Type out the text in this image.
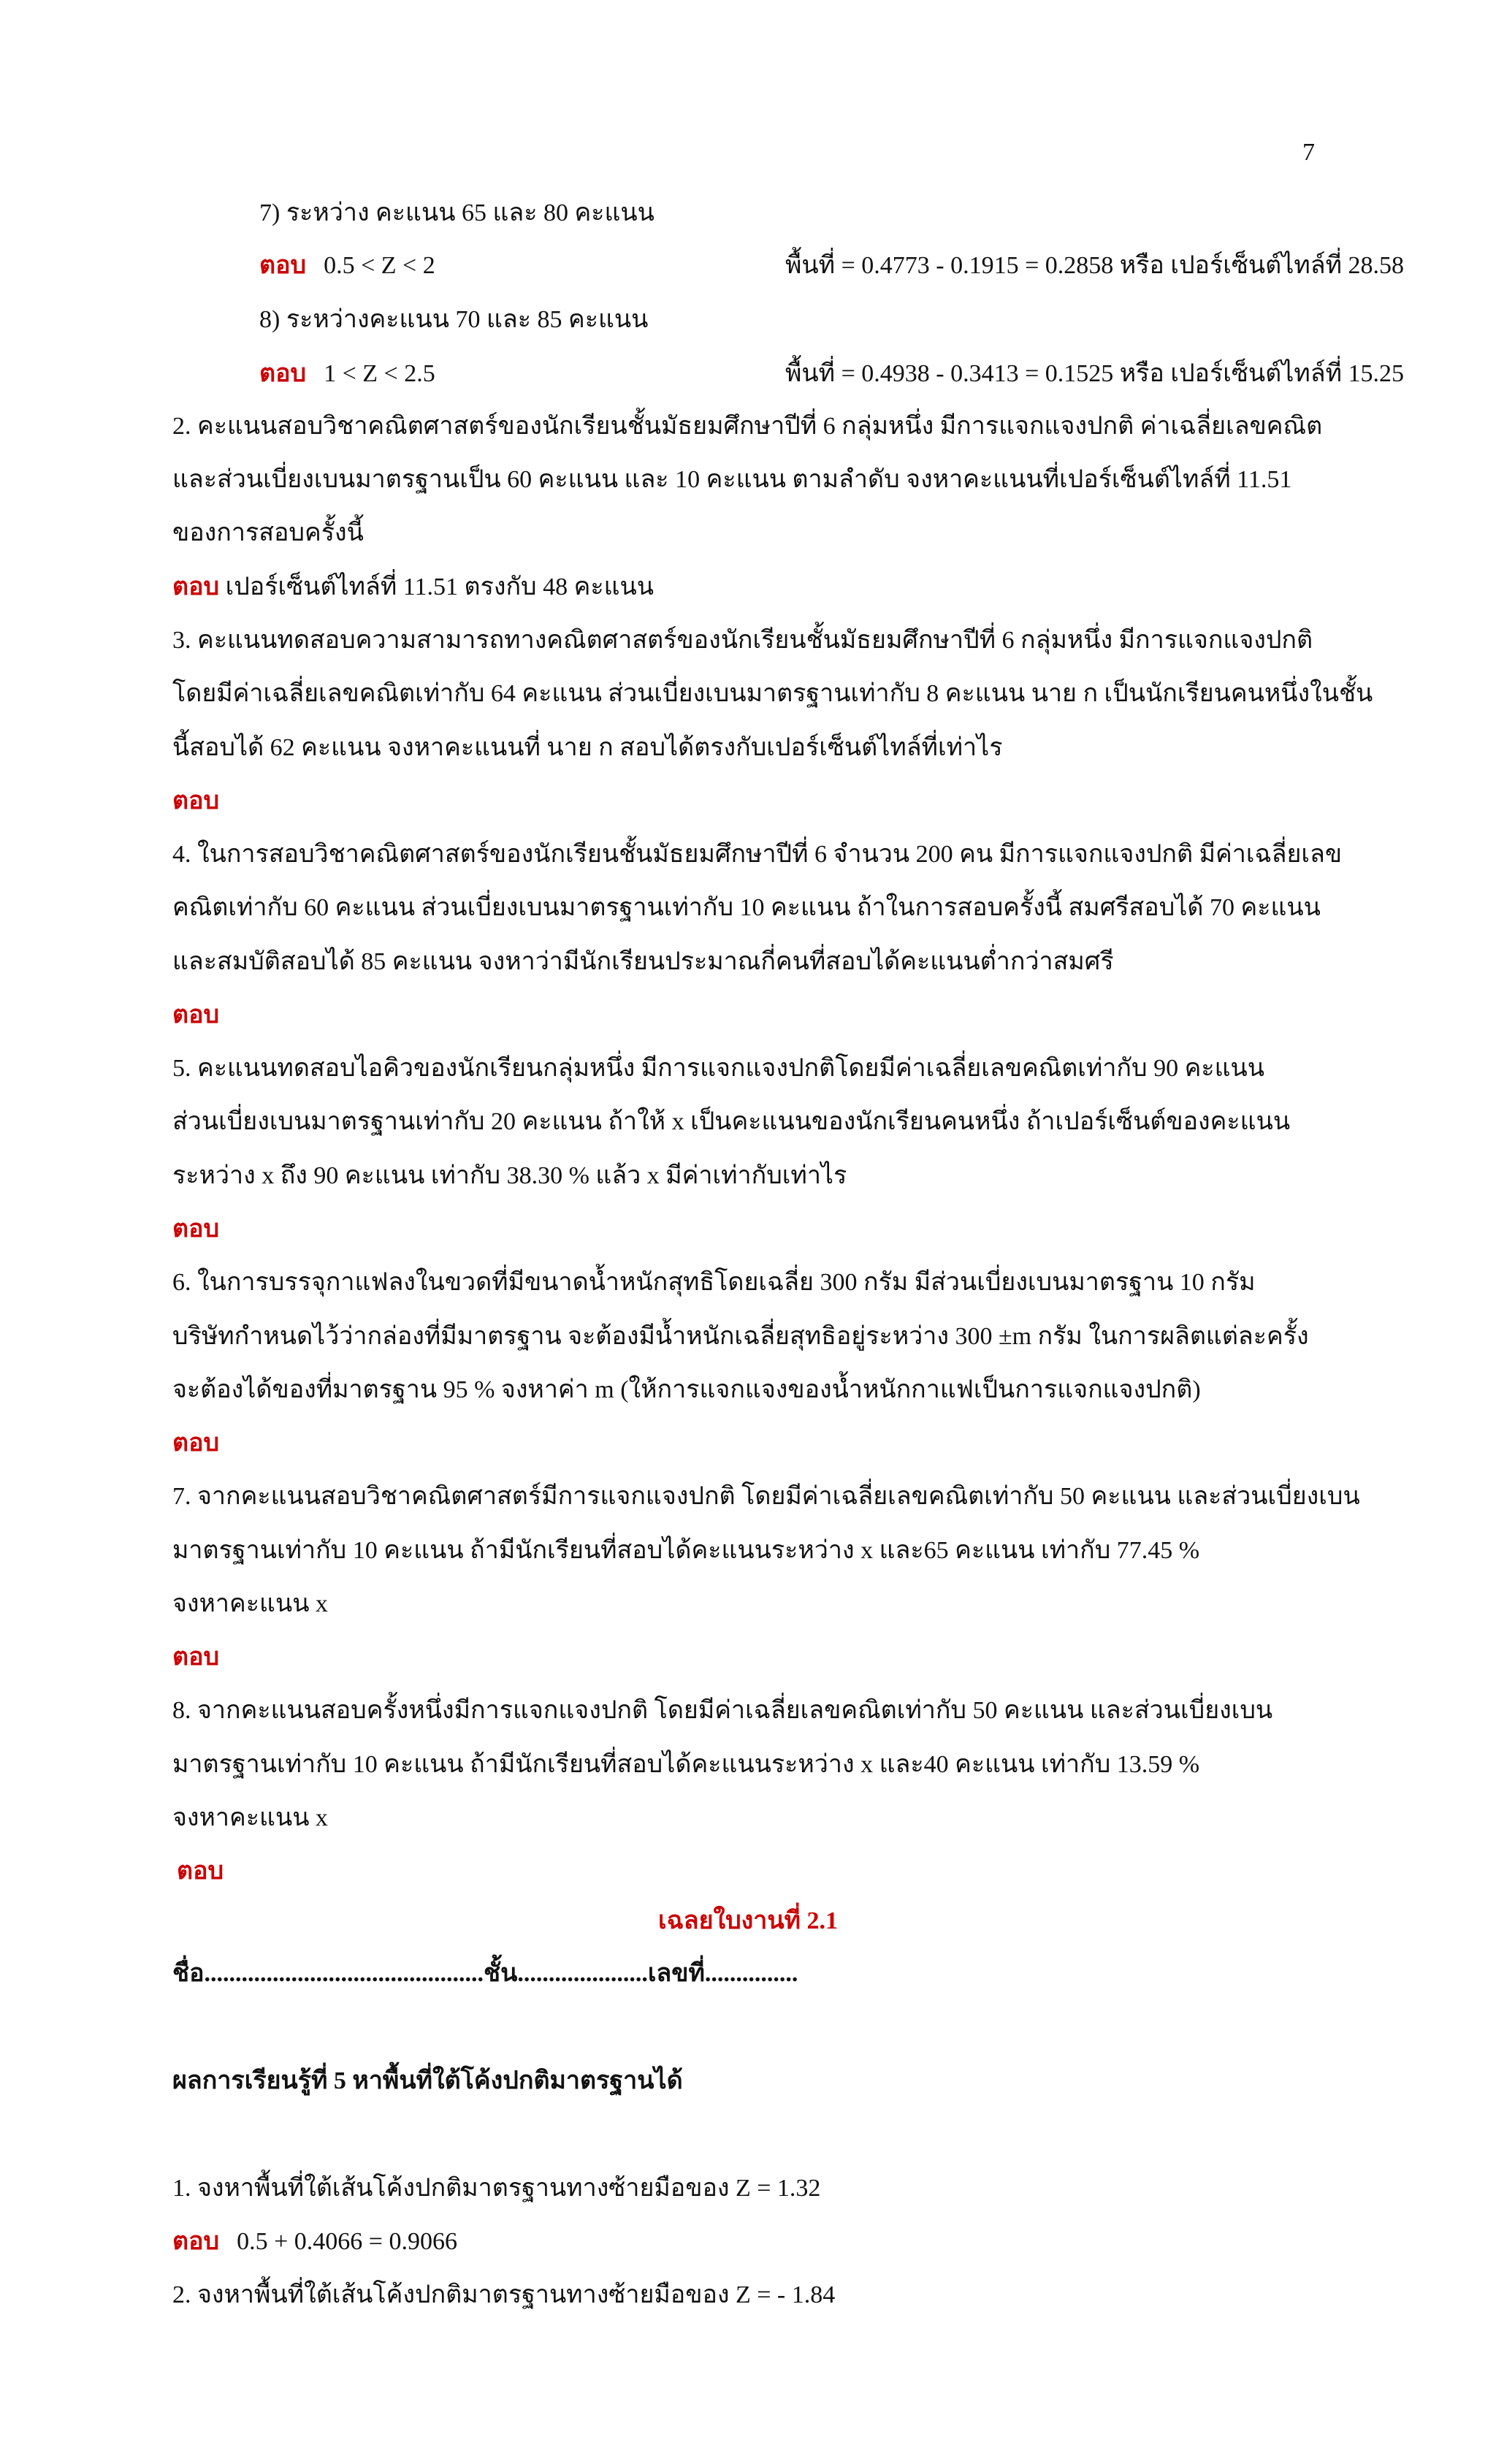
7
7) ระหว่าง คะแนน 65 และ 80 คะแนน
ตอบ 0.5 < Z < 2	พื้นที่ = 0.4773 - 0.1915 = 0.2858 หรือ เปอร์เซ็นต์ไทล์ที่ 28.58
8) ระหว่างคะแนน 70 และ 85 คะแนน
ตอบ 1 < Z < 2.5	พื้นที่ = 0.4938 - 0.3413 = 0.1525 หรือ เปอร์เซ็นต์ไทล์ที่ 15.25
2. คะแนนสอบวิชาคณิตศาสตร์ของนักเรียนชั้นมัธยมศึกษาปีที่ 6 กลุ่มหนึ่ง มีการแจกแจงปกติ ค่าเฉลี่ยเลขคณิต
และส่วนเบี่ยงเบนมาตรฐานเป็น 60 คะแนน และ 10 คะแนน ตามลำดับ จงหาคะแนนที่เปอร์เซ็นต์ไทล์ที่ 11.51
ของการสอบครั้งนี้
ตอบ เปอร์เซ็นต์ไทล์ที่ 11.51 ตรงกับ 48 คะแนน
3. คะแนนทดสอบความสามารถทางคณิตศาสตร์ของนักเรียนชั้นมัธยมศึกษาปีที่ 6 กลุ่มหนึ่ง มีการแจกแจงปกติ
โดยมีค่าเฉลี่ยเลขคณิตเท่ากับ 64 คะแนน ส่วนเบี่ยงเบนมาตรฐานเท่ากับ 8 คะแนน นาย ก เป็นนักเรียนคนหนึ่งในชั้น
นี้สอบได้ 62 คะแนน จงหาคะแนนที่ นาย ก สอบได้ตรงกับเปอร์เซ็นต์ไทล์ที่เท่าไร
ตอบ
4. ในการสอบวิชาคณิตศาสตร์ของนักเรียนชั้นมัธยมศึกษาปีที่ 6 จำนวน 200 คน มีการแจกแจงปกติ มีค่าเฉลี่ยเลข
คณิตเท่ากับ 60 คะแนน ส่วนเบี่ยงเบนมาตรฐานเท่ากับ 10 คะแนน ถ้าในการสอบครั้งนี้ สมศรีสอบได้ 70 คะแนน
และสมบัติสอบได้ 85 คะแนน จงหาว่ามีนักเรียนประมาณกี่คนที่สอบได้คะแนนต่ำกว่าสมศรี
ตอบ
5. คะแนนทดสอบไอคิวของนักเรียนกลุ่มหนึ่ง มีการแจกแจงปกติโดยมีค่าเฉลี่ยเลขคณิตเท่ากับ 90 คะแนน
ส่วนเบี่ยงเบนมาตรฐานเท่ากับ 20 คะแนน ถ้าให้ x เป็นคะแนนของนักเรียนคนหนึ่ง ถ้าเปอร์เซ็นต์ของคะแนน
ระหว่าง x ถึง 90 คะแนน เท่ากับ 38.30 % แล้ว x มีค่าเท่ากับเท่าไร
ตอบ
6. ในการบรรจุกาแฟลงในขวดที่มีขนาดน้ำหนักสุทธิโดยเฉลี่ย 300 กรัม มีส่วนเบี่ยงเบนมาตรฐาน 10 กรัม
บริษัทกำหนดไว้ว่ากล่องที่มีมาตรฐาน จะต้องมีน้ำหนักเฉลี่ยสุทธิอยู่ระหว่าง 300 ±m กรัม ในการผลิตแต่ละครั้ง
จะต้องได้ของที่มาตรฐาน 95 % จงหาค่า m (ให้การแจกแจงของน้ำหนักกาแฟเป็นการแจกแจงปกติ)
ตอบ
7. จากคะแนนสอบวิชาคณิตศาสตร์มีการแจกแจงปกติ โดยมีค่าเฉลี่ยเลขคณิตเท่ากับ 50 คะแนน และส่วนเบี่ยงเบน
มาตรฐานเท่ากับ 10 คะแนน ถ้ามีนักเรียนที่สอบได้คะแนนระหว่าง x และ65 คะแนน เท่ากับ 77.45 %
จงหาคะแนน x
ตอบ
8. จากคะแนนสอบครั้งหนึ่งมีการแจกแจงปกติ โดยมีค่าเฉลี่ยเลขคณิตเท่ากับ 50 คะแนน และส่วนเบี่ยงเบน
มาตรฐานเท่ากับ 10 คะแนน ถ้ามีนักเรียนที่สอบได้คะแนนระหว่าง x และ40 คะแนน เท่ากับ 13.59 %
จงหาคะแนน x
ตอบ
เฉลยใบงานที่ 2.1
ชื่อ.............................................ชั้น.....................เลขที่...............
ผลการเรียนรู้ที่ 5 หาพื้นที่ใต้โค้งปกติมาตรฐานได้
1. จงหาพื้นที่ใต้เส้นโค้งปกติมาตรฐานทางซ้ายมือของ Z = 1.32
ตอบ 0.5 + 0.4066 = 0.9066
2. จงหาพื้นที่ใต้เส้นโค้งปกติมาตรฐานทางซ้ายมือของ Z = - 1.84
